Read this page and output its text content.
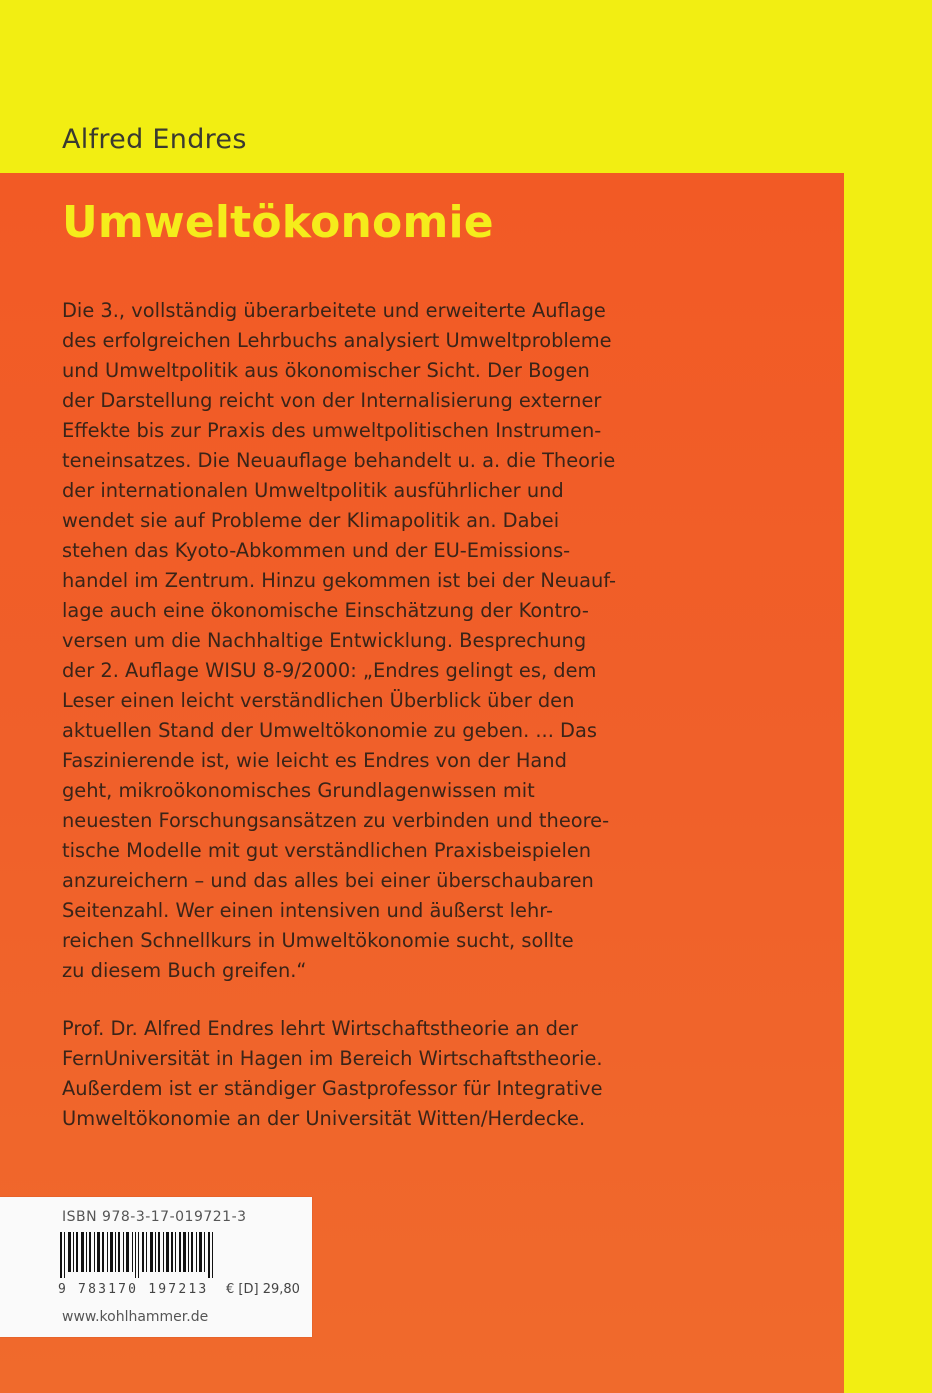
Alfred Endres
Umweltökonomie

Die 3., vollständig überarbeitete und erweiterte Auflage
des erfolgreichen Lehrbuchs analysiert Umweltprobleme
und Umweltpolitik aus ökonomischer Sicht. Der Bogen
der Darstellung reicht von der Internalisierung externer
Effekte bis zur Praxis des umweltpolitischen Instrumen-
teneinsatzes. Die Neuauflage behandelt u. a. die Theorie
der internationalen Umweltpolitik ausführlicher und
wendet sie auf Probleme der Klimapolitik an. Dabei
stehen das Kyoto-Abkommen und der EU-Emissions-
handel im Zentrum. Hinzu gekommen ist bei der Neuauf-
lage auch eine ökonomische Einschätzung der Kontro-
versen um die Nachhaltige Entwicklung. Besprechung
der 2. Auflage WISU 8-9/2000: „Endres gelingt es, dem
Leser einen leicht verständlichen Überblick über den
aktuellen Stand der Umweltökonomie zu geben. ... Das
Faszinierende ist, wie leicht es Endres von der Hand
geht, mikroökonomisches Grundlagenwissen mit
neuesten Forschungsansätzen zu verbinden und theore-
tische Modelle mit gut verständlichen Praxisbeispielen
anzureichern – und das alles bei einer überschaubaren
Seitenzahl. Wer einen intensiven und äußerst lehr-
reichen Schnellkurs in Umweltökonomie sucht, sollte
zu diesem Buch greifen.“

Prof. Dr. Alfred Endres lehrt Wirtschaftstheorie an der
FernUniversität in Hagen im Bereich Wirtschaftstheorie.
Außerdem ist er ständiger Gastprofessor für Integrative
Umweltökonomie an der Universität Witten/Herdecke.

ISBN 978-3-17-019721-3
9 783170 197213 € [D] 29,80
www.kohlhammer.de
